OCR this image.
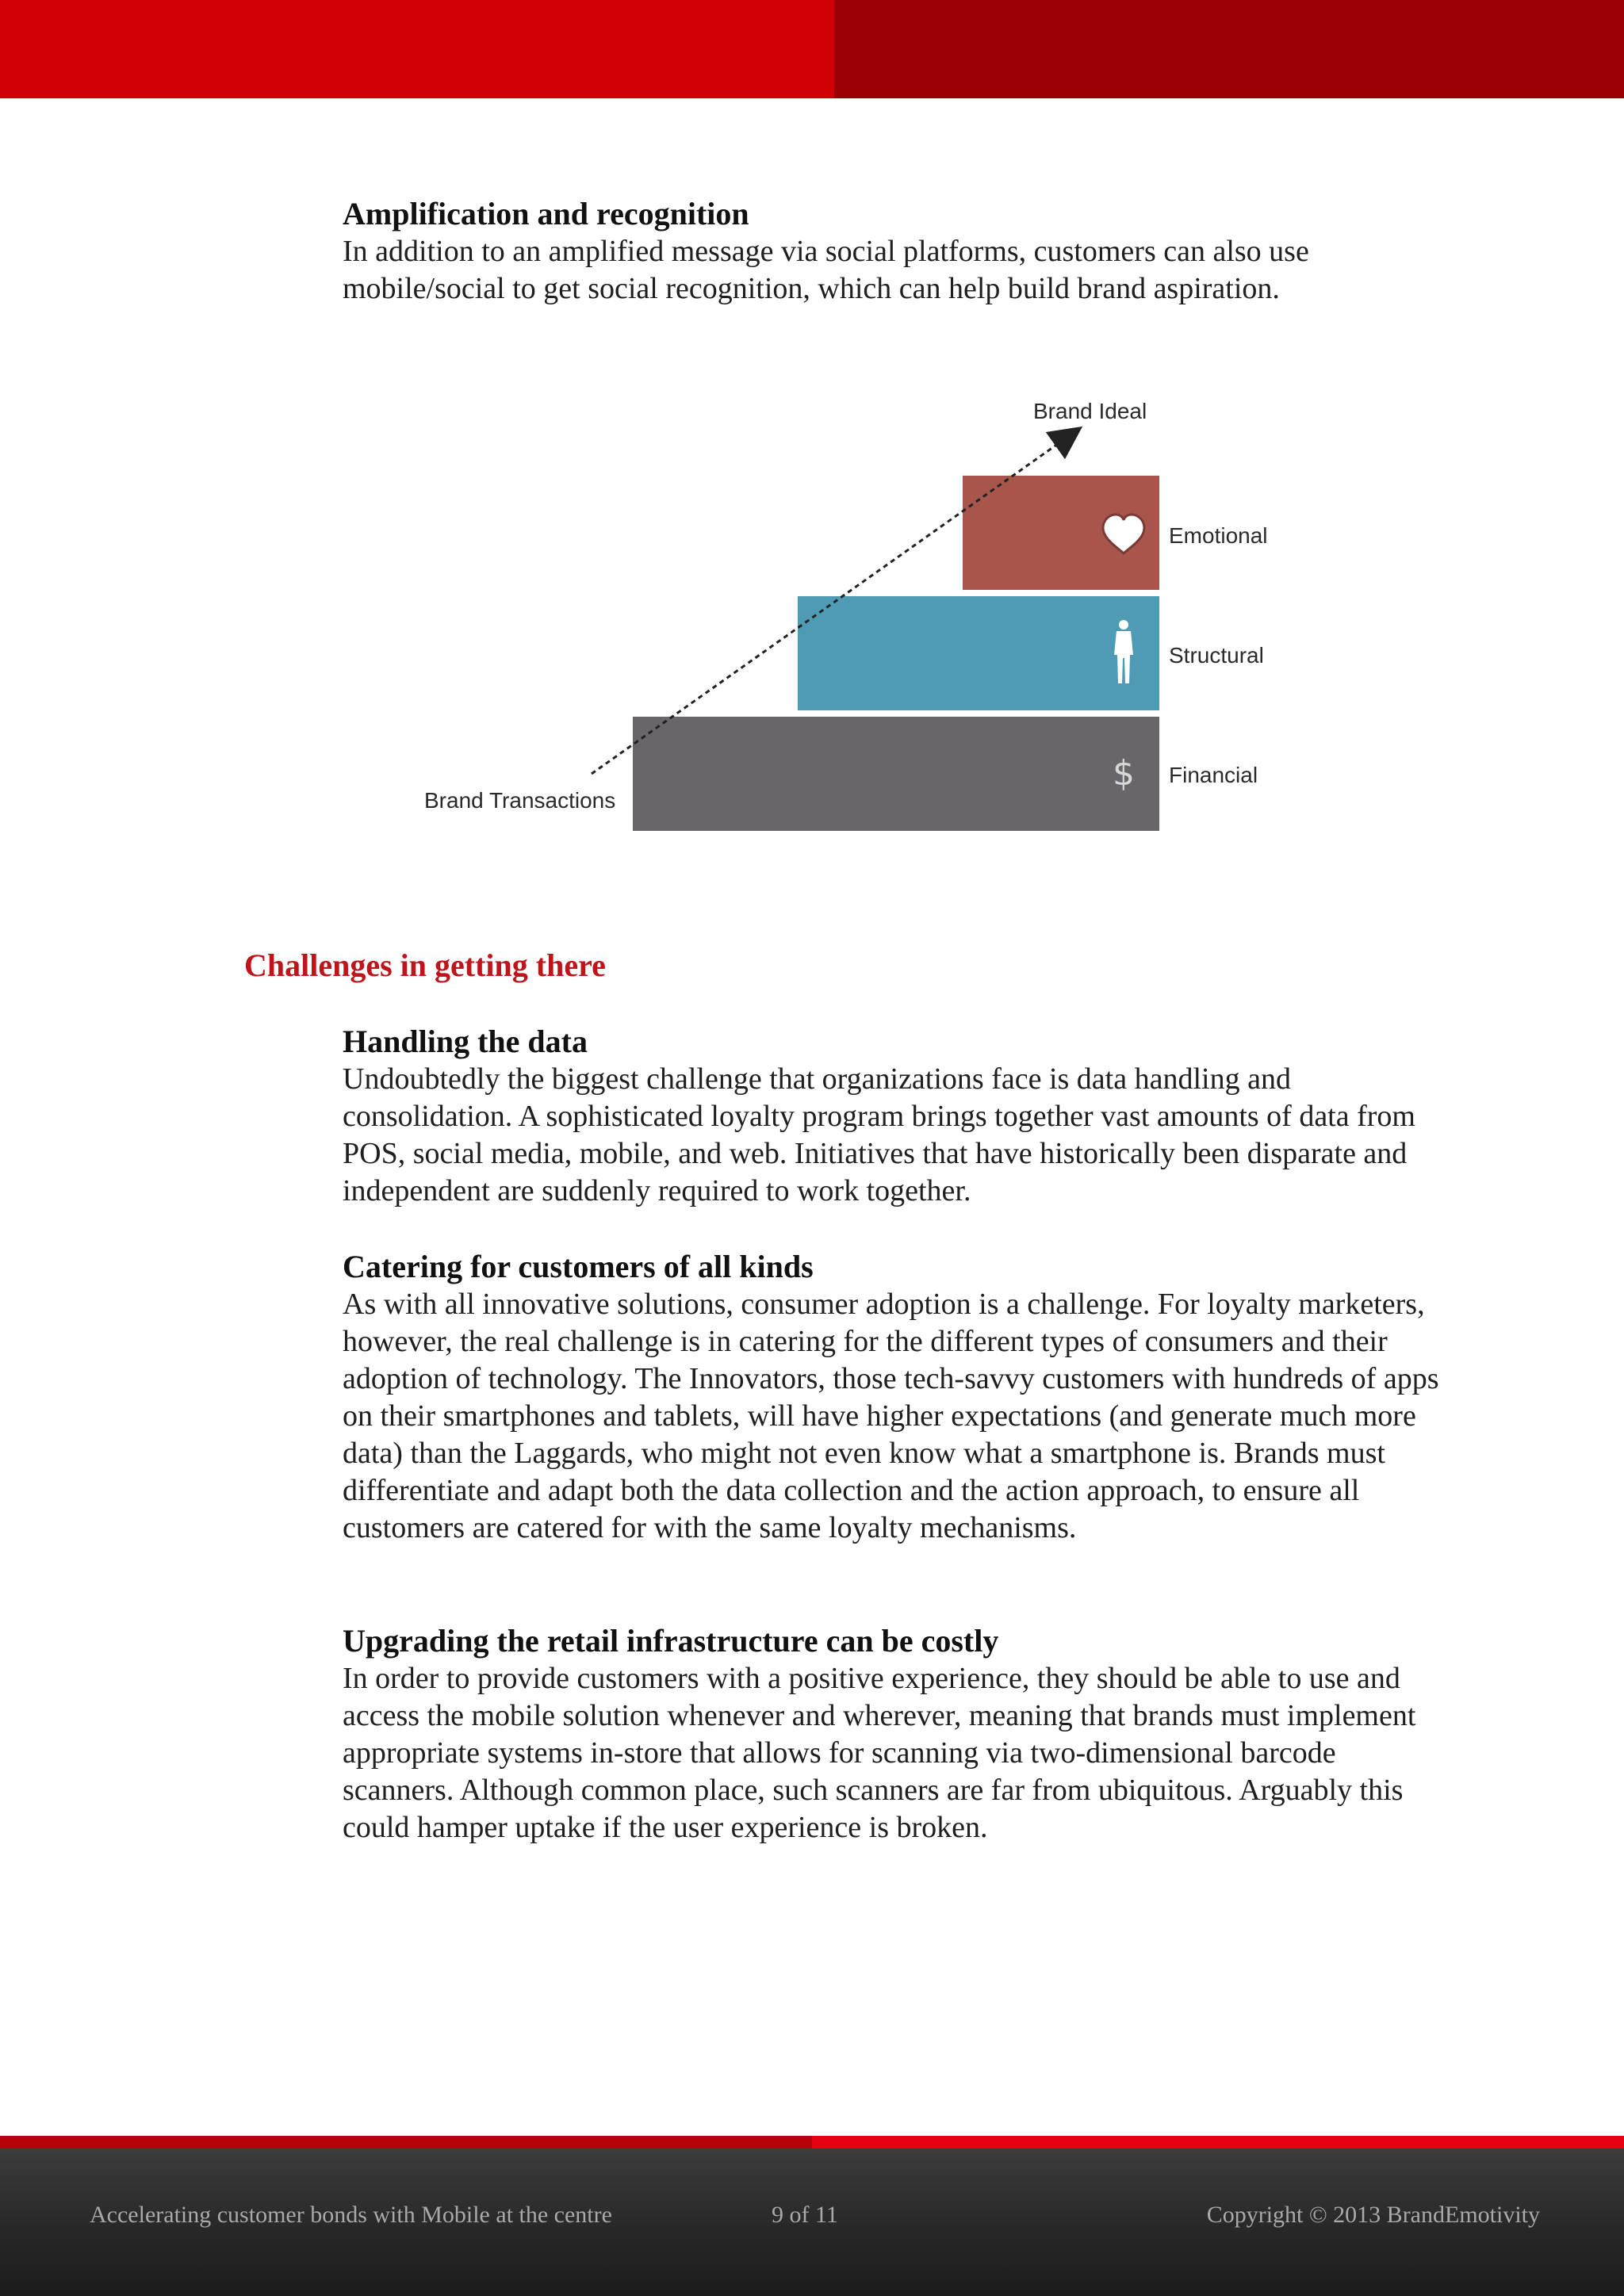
Amplification and recognition

In addition to an amplified message via social platforms, customers can also use mobile/social to get social recognition, which can help build brand aspiration.

$
Brand Ideal
Emotional
Structural
Financial
Brand Transactions
Challenges in getting there
Handling the data

Undoubtedly the biggest challenge that organizations face is data handling and consolidation. A sophisticated loyalty program brings together vast amounts of data from POS, social media, mobile, and web. Initiatives that have historically been disparate and independent are suddenly required to work together.

Catering for customers of all kinds

As with all innovative solutions, consumer adoption is a challenge. For loyalty marketers, however, the real challenge is in catering for the different types of consumers and their adoption of technology. The Innovators, those tech-savvy customers with hundreds of apps on their smartphones and tablets, will have higher expectations (and generate much more data) than the Laggards, who might not even know what a smartphone is. Brands must differentiate and adapt both the data collection and the action approach, to ensure all customers are catered for with the same loyalty mechanisms.

Upgrading the retail infrastructure can be costly

In order to provide customers with a positive experience, they should be able to use and access the mobile solution whenever and wherever, meaning that brands must implement appropriate systems in-store that allows for scanning via two-dimensional barcode scanners. Although common place, such scanners are far from ubiquitous. Arguably this could hamper uptake if the user experience is broken.

Accelerating customer bonds with Mobile at the centre	9 of 11	Copyright © 2013 BrandEmotivity
